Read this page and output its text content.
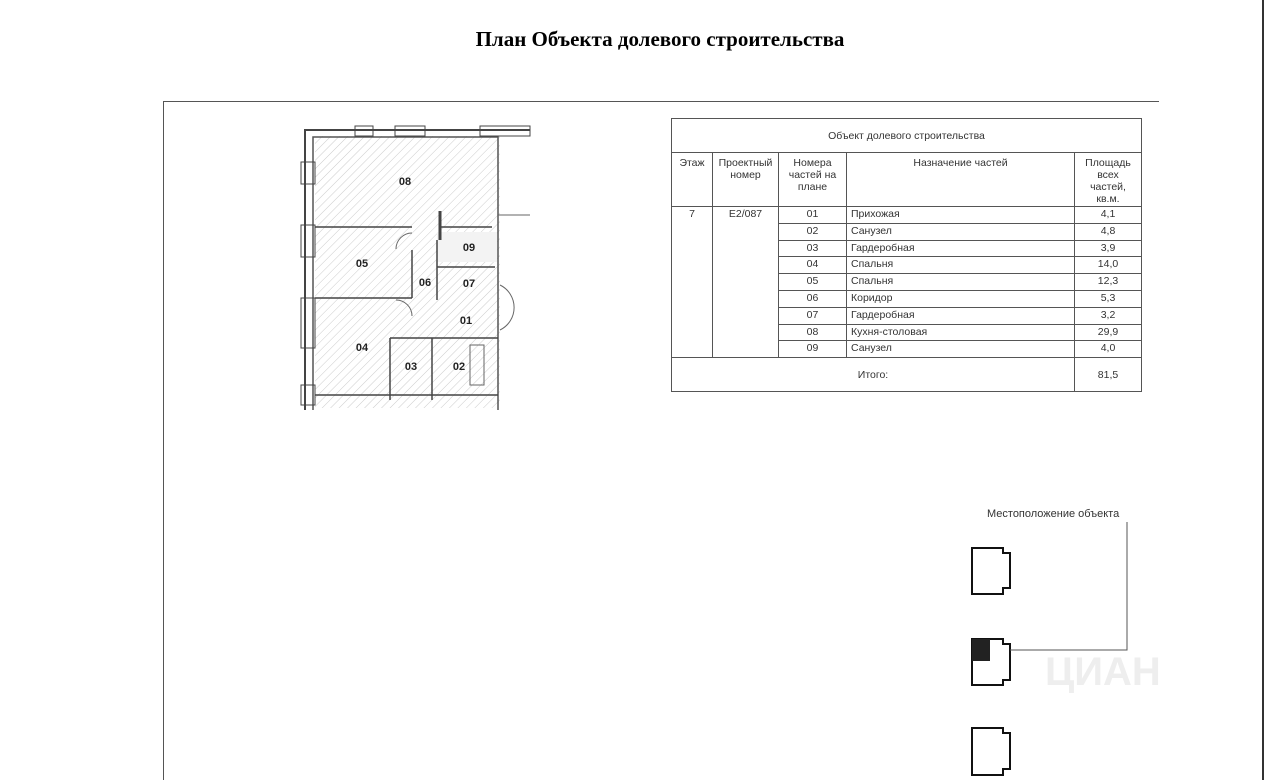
План Объекта долевого строительства
08
05
06
09
07
01
04
03	02
ЦИАН
Объект долевого строительства				
Этаж	Проектный номер	Номера частей на плане	Назначение частей	Площадь всех частей, кв.м.
7	E2/087	01	Прихожая	4,1
		02	Санузел	4,8
		03	Гардеробная	3,9
		04	Спальня	14,0
		05	Спальня	12,3
		06	Коридор	5,3
		07	Гардеробная	3,2
		08	Кухня-столовая	29,9
		09	Санузел	4,0
Итого:				81,5
Местоположение объекта
